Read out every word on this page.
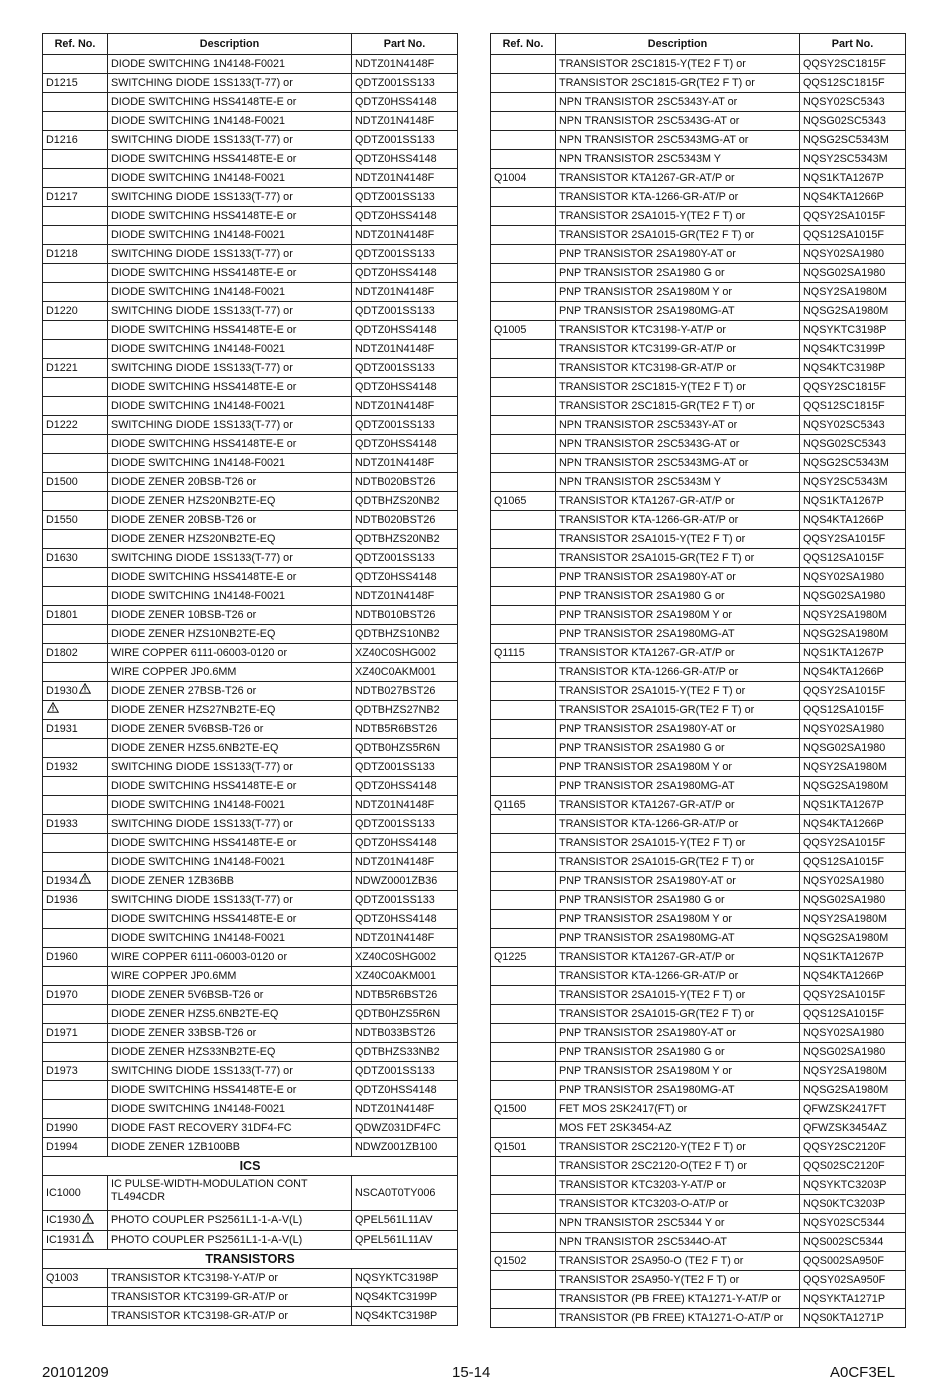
Ref. No.	Description	Part No.
	DIODE SWITCHING 1N4148-F0021	NDTZ01N4148F
D1215	SWITCHING DIODE 1SS133(T-77) or	QDTZ001SS133
	DIODE SWITCHING HSS4148TE-E or	QDTZ0HSS4148
	DIODE SWITCHING 1N4148-F0021	NDTZ01N4148F
D1216	SWITCHING DIODE 1SS133(T-77) or	QDTZ001SS133
	DIODE SWITCHING HSS4148TE-E or	QDTZ0HSS4148
	DIODE SWITCHING 1N4148-F0021	NDTZ01N4148F
D1217	SWITCHING DIODE 1SS133(T-77) or	QDTZ001SS133
	DIODE SWITCHING HSS4148TE-E or	QDTZ0HSS4148
	DIODE SWITCHING 1N4148-F0021	NDTZ01N4148F
D1218	SWITCHING DIODE 1SS133(T-77) or	QDTZ001SS133
	DIODE SWITCHING HSS4148TE-E or	QDTZ0HSS4148
	DIODE SWITCHING 1N4148-F0021	NDTZ01N4148F
D1220	SWITCHING DIODE 1SS133(T-77) or	QDTZ001SS133
	DIODE SWITCHING HSS4148TE-E or	QDTZ0HSS4148
	DIODE SWITCHING 1N4148-F0021	NDTZ01N4148F
D1221	SWITCHING DIODE 1SS133(T-77) or	QDTZ001SS133
	DIODE SWITCHING HSS4148TE-E or	QDTZ0HSS4148
	DIODE SWITCHING 1N4148-F0021	NDTZ01N4148F
D1222	SWITCHING DIODE 1SS133(T-77) or	QDTZ001SS133
	DIODE SWITCHING HSS4148TE-E or	QDTZ0HSS4148
	DIODE SWITCHING 1N4148-F0021	NDTZ01N4148F
D1500	DIODE ZENER 20BSB-T26 or	NDTB020BST26
	DIODE ZENER HZS20NB2TE-EQ	QDTBHZS20NB2
D1550	DIODE ZENER 20BSB-T26 or	NDTB020BST26
	DIODE ZENER HZS20NB2TE-EQ	QDTBHZS20NB2
D1630	SWITCHING DIODE 1SS133(T-77) or	QDTZ001SS133
	DIODE SWITCHING HSS4148TE-E or	QDTZ0HSS4148
	DIODE SWITCHING 1N4148-F0021	NDTZ01N4148F
D1801	DIODE ZENER 10BSB-T26 or	NDTB010BST26
	DIODE ZENER HZS10NB2TE-EQ	QDTBHZS10NB2
D1802	WIRE COPPER 6111-06003-0120 or	XZ40C0SHG002
	WIRE COPPER JP0.6MM	XZ40C0AKM001
D1930	DIODE ZENER 27BSB-T26 or	NDTB027BST26
	DIODE ZENER HZS27NB2TE-EQ	QDTBHZS27NB2
D1931	DIODE ZENER 5V6BSB-T26 or	NDTB5R6BST26
	DIODE ZENER HZS5.6NB2TE-EQ	QDTB0HZS5R6N
D1932	SWITCHING DIODE 1SS133(T-77) or	QDTZ001SS133
	DIODE SWITCHING HSS4148TE-E or	QDTZ0HSS4148
	DIODE SWITCHING 1N4148-F0021	NDTZ01N4148F
D1933	SWITCHING DIODE 1SS133(T-77) or	QDTZ001SS133
	DIODE SWITCHING HSS4148TE-E or	QDTZ0HSS4148
	DIODE SWITCHING 1N4148-F0021	NDTZ01N4148F
D1934	DIODE ZENER 1ZB36BB	NDWZ0001ZB36
D1936	SWITCHING DIODE 1SS133(T-77) or	QDTZ001SS133
	DIODE SWITCHING HSS4148TE-E or	QDTZ0HSS4148
	DIODE SWITCHING 1N4148-F0021	NDTZ01N4148F
D1960	WIRE COPPER 6111-06003-0120 or	XZ40C0SHG002
	WIRE COPPER JP0.6MM	XZ40C0AKM001
D1970	DIODE ZENER 5V6BSB-T26 or	NDTB5R6BST26
	DIODE ZENER HZS5.6NB2TE-EQ	QDTB0HZS5R6N
D1971	DIODE ZENER 33BSB-T26 or	NDTB033BST26
	DIODE ZENER HZS33NB2TE-EQ	QDTBHZS33NB2
D1973	SWITCHING DIODE 1SS133(T-77) or	QDTZ001SS133
	DIODE SWITCHING HSS4148TE-E or	QDTZ0HSS4148
	DIODE SWITCHING 1N4148-F0021	NDTZ01N4148F
D1990	DIODE FAST RECOVERY 31DF4-FC	QDWZ031DF4FC
D1994	DIODE ZENER 1ZB100BB	NDWZ001ZB100
ICS		
IC1000	IC PULSE-WIDTH-MODULATION CONT TL494CDR	NSCA0T0TY006
IC1930	PHOTO COUPLER PS2561L1-1-A-V(L)	QPEL561L11AV
IC1931	PHOTO COUPLER PS2561L1-1-A-V(L)	QPEL561L11AV
TRANSISTORS		
Q1003	TRANSISTOR KTC3198-Y-AT/P or	NQSYKTC3198P
	TRANSISTOR KTC3199-GR-AT/P or	NQS4KTC3199P
	TRANSISTOR KTC3198-GR-AT/P or	NQS4KTC3198P
Ref. No.	Description	Part No.
	TRANSISTOR 2SC1815-Y(TE2 F T) or	QQSY2SC1815F
	TRANSISTOR 2SC1815-GR(TE2 F T) or	QQS12SC1815F
	NPN TRANSISTOR 2SC5343Y-AT or	NQSY02SC5343
	NPN TRANSISTOR 2SC5343G-AT or	NQSG02SC5343
	NPN TRANSISTOR 2SC5343MG-AT or	NQSG2SC5343M
	NPN TRANSISTOR 2SC5343M Y	NQSY2SC5343M
Q1004	TRANSISTOR KTA1267-GR-AT/P or	NQS1KTA1267P
	TRANSISTOR KTA-1266-GR-AT/P or	NQS4KTA1266P
	TRANSISTOR 2SA1015-Y(TE2 F T) or	QQSY2SA1015F
	TRANSISTOR 2SA1015-GR(TE2 F T) or	QQS12SA1015F
	PNP TRANSISTOR 2SA1980Y-AT or	NQSY02SA1980
	PNP TRANSISTOR 2SA1980 G or	NQSG02SA1980
	PNP TRANSISTOR 2SA1980M Y or	NQSY2SA1980M
	PNP TRANSISTOR 2SA1980MG-AT	NQSG2SA1980M
Q1005	TRANSISTOR KTC3198-Y-AT/P or	NQSYKTC3198P
	TRANSISTOR KTC3199-GR-AT/P or	NQS4KTC3199P
	TRANSISTOR KTC3198-GR-AT/P or	NQS4KTC3198P
	TRANSISTOR 2SC1815-Y(TE2 F T) or	QQSY2SC1815F
	TRANSISTOR 2SC1815-GR(TE2 F T) or	QQS12SC1815F
	NPN TRANSISTOR 2SC5343Y-AT or	NQSY02SC5343
	NPN TRANSISTOR 2SC5343G-AT or	NQSG02SC5343
	NPN TRANSISTOR 2SC5343MG-AT or	NQSG2SC5343M
	NPN TRANSISTOR 2SC5343M Y	NQSY2SC5343M
Q1065	TRANSISTOR KTA1267-GR-AT/P or	NQS1KTA1267P
	TRANSISTOR KTA-1266-GR-AT/P or	NQS4KTA1266P
	TRANSISTOR 2SA1015-Y(TE2 F T) or	QQSY2SA1015F
	TRANSISTOR 2SA1015-GR(TE2 F T) or	QQS12SA1015F
	PNP TRANSISTOR 2SA1980Y-AT or	NQSY02SA1980
	PNP TRANSISTOR 2SA1980 G or	NQSG02SA1980
	PNP TRANSISTOR 2SA1980M Y or	NQSY2SA1980M
	PNP TRANSISTOR 2SA1980MG-AT	NQSG2SA1980M
Q1115	TRANSISTOR KTA1267-GR-AT/P or	NQS1KTA1267P
	TRANSISTOR KTA-1266-GR-AT/P or	NQS4KTA1266P
	TRANSISTOR 2SA1015-Y(TE2 F T) or	QQSY2SA1015F
	TRANSISTOR 2SA1015-GR(TE2 F T) or	QQS12SA1015F
	PNP TRANSISTOR 2SA1980Y-AT or	NQSY02SA1980
	PNP TRANSISTOR 2SA1980 G or	NQSG02SA1980
	PNP TRANSISTOR 2SA1980M Y or	NQSY2SA1980M
	PNP TRANSISTOR 2SA1980MG-AT	NQSG2SA1980M
Q1165	TRANSISTOR KTA1267-GR-AT/P or	NQS1KTA1267P
	TRANSISTOR KTA-1266-GR-AT/P or	NQS4KTA1266P
	TRANSISTOR 2SA1015-Y(TE2 F T) or	QQSY2SA1015F
	TRANSISTOR 2SA1015-GR(TE2 F T) or	QQS12SA1015F
	PNP TRANSISTOR 2SA1980Y-AT or	NQSY02SA1980
	PNP TRANSISTOR 2SA1980 G or	NQSG02SA1980
	PNP TRANSISTOR 2SA1980M Y or	NQSY2SA1980M
	PNP TRANSISTOR 2SA1980MG-AT	NQSG2SA1980M
Q1225	TRANSISTOR KTA1267-GR-AT/P or	NQS1KTA1267P
	TRANSISTOR KTA-1266-GR-AT/P or	NQS4KTA1266P
	TRANSISTOR 2SA1015-Y(TE2 F T) or	QQSY2SA1015F
	TRANSISTOR 2SA1015-GR(TE2 F T) or	QQS12SA1015F
	PNP TRANSISTOR 2SA1980Y-AT or	NQSY02SA1980
	PNP TRANSISTOR 2SA1980 G or	NQSG02SA1980
	PNP TRANSISTOR 2SA1980M Y or	NQSY2SA1980M
	PNP TRANSISTOR 2SA1980MG-AT	NQSG2SA1980M
Q1500	FET MOS 2SK2417(FT) or	QFWZSK2417FT
	MOS FET 2SK3454-AZ	QFWZSK3454AZ
Q1501	TRANSISTOR 2SC2120-Y(TE2 F T) or	QQSY2SC2120F
	TRANSISTOR 2SC2120-O(TE2 F T) or	QQS02SC2120F
	TRANSISTOR KTC3203-Y-AT/P or	NQSYKTC3203P
	TRANSISTOR KTC3203-O-AT/P or	NQS0KTC3203P
	NPN TRANSISTOR 2SC5344 Y or	NQSY02SC5344
	NPN TRANSISTOR 2SC5344O-AT	NQS002SC5344
Q1502	TRANSISTOR 2SA950-O (TE2 F T) or	QQS002SA950F
	TRANSISTOR 2SA950-Y(TE2 F T) or	QQSY02SA950F
	TRANSISTOR (PB FREE) KTA1271-Y-AT/P or	NQSYKTA1271P
	TRANSISTOR (PB FREE) KTA1271-O-AT/P or	NQS0KTA1271P
20101209	15-14	A0CF3EL
